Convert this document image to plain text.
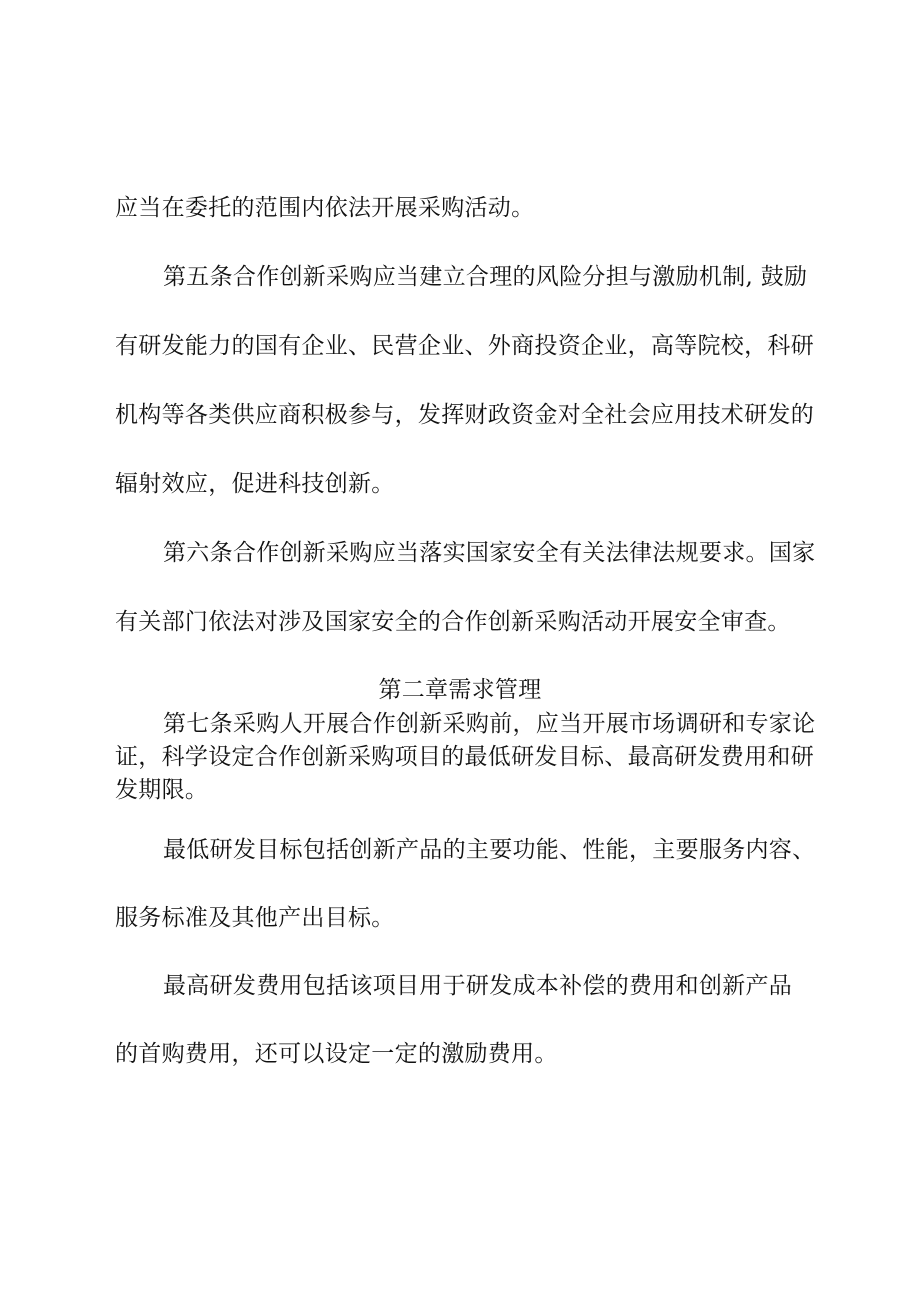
应当在委托的范围内依法开展采购活动。
第五条合作创新采购应当建立合理的风险分担与激励机制, 鼓励
有研发能力的国有企业、民营企业、外商投资企业，高等院校，科研
机构等各类供应商积极参与，发挥财政资金对全社会应用技术研发的
辐射效应，促进科技创新。
第六条合作创新采购应当落实国家安全有关法律法规要求。国家
有关部门依法对涉及国家安全的合作创新采购活动开展安全审查。
第二章需求管理
第七条采购人开展合作创新采购前，应当开展市场调研和专家论
证，科学设定合作创新采购项目的最低研发目标、最高研发费用和研
发期限。
最低研发目标包括创新产品的主要功能、性能，主要服务内容、
服务标准及其他产出目标。
最高研发费用包括该项目用于研发成本补偿的费用和创新产品
的首购费用，还可以设定一定的激励费用。
